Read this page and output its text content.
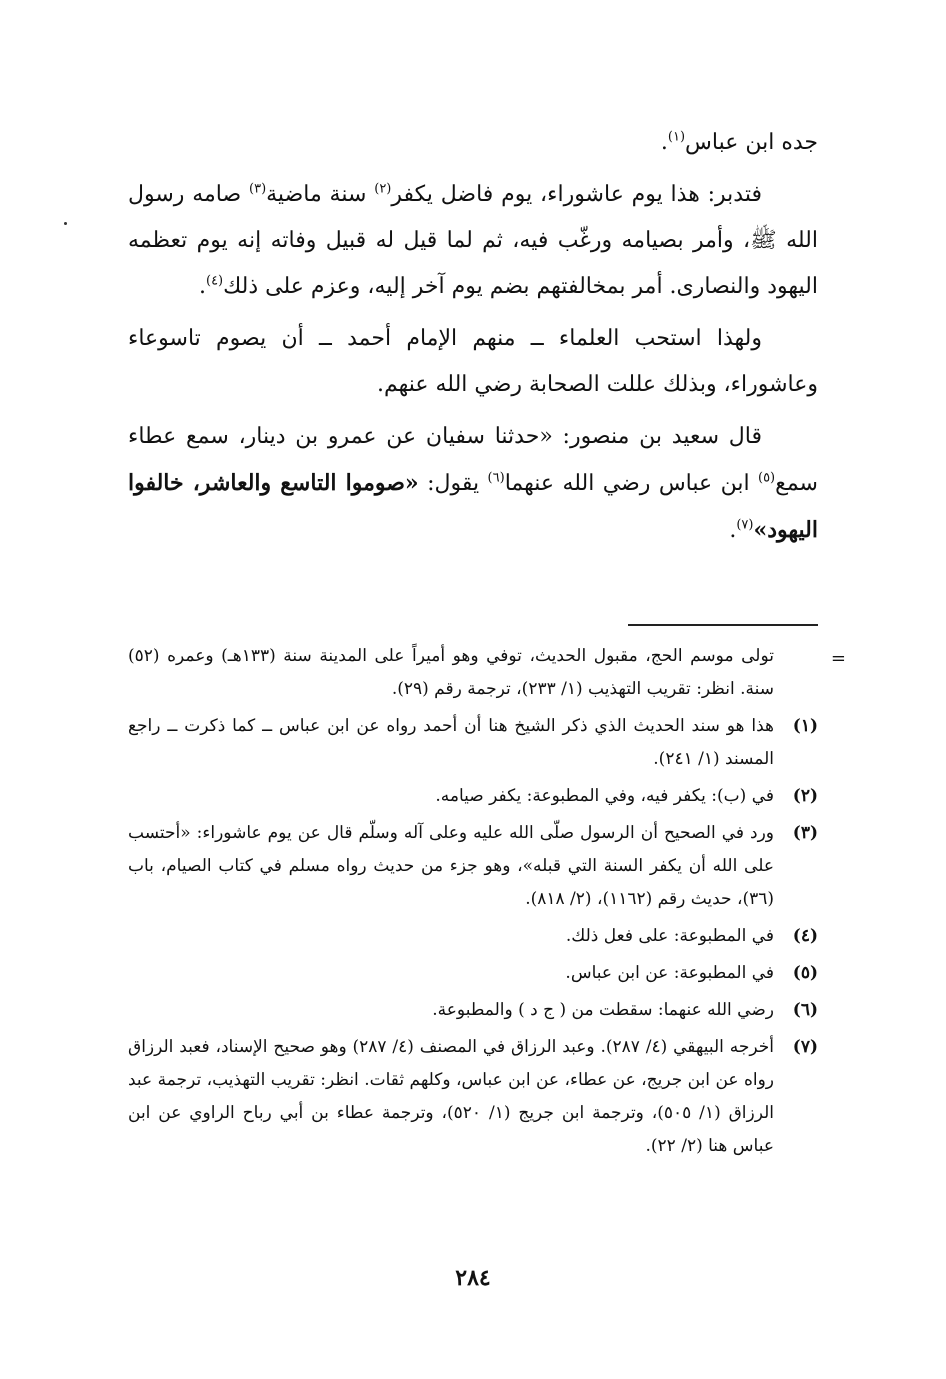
جده ابن عباس$^{(١)}$.

فتدبر: هذا يوم عاشوراء، يوم فاضل يكفر$^{(٢)}$ سنة ماضية$^{(٣)}$ صامه رسول الله ﷺ، وأمر بصيامه ورغّب فيه، ثم لما قيل له قبيل وفاته إنه يوم تعظمه اليهود والنصارى. أمر بمخالفتهم بضم يوم آخر إليه، وعزم على ذلك$^{(٤)}$.

ولهذا استحب العلماء ــ منهم الإمام أحمد ــ أن يصوم تاسوعاء وعاشوراء، وبذلك عللت الصحابة رضي الله عنهم.

قال سعيد بن منصور: «حدثنا سفيان عن عمرو بن دينار، سمع عطاء سمع$^{(٥)}$ ابن عباس رضي الله عنهما$^{(٦)}$ يقول: «صوموا التاسع والعاشر، خالفوا اليهود»$^{(٧)}$.

=
تولى موسم الحج، مقبول الحديث، توفي وهو أميراً على المدينة سنة (١٣٣هـ) وعمره (٥٢) سنة. انظر: تقريب التهذيب (١/ ٢٣٣)، ترجمة رقم (٢٩).
(١)
هذا هو سند الحديث الذي ذكر الشيخ هنا أن أحمد رواه عن ابن عباس ــ كما ذكرت ــ راجع المسند (١/ ٢٤١).
(٢)
في (ب): يكفر فيه، وفي المطبوعة: يكفر صيامه.
(٣)
ورد في الصحيح أن الرسول صلّى الله عليه وعلى آله وسلّم قال عن يوم عاشوراء: «أحتسب على الله أن يكفر السنة التي قبله»، وهو جزء من حديث رواه مسلم في كتاب الصيام، باب (٣٦)، حديث رقم (١١٦٢)، (٢/ ٨١٨).
(٤)
في المطبوعة: على فعل ذلك.
(٥)
في المطبوعة: عن ابن عباس.
(٦)
رضي الله عنهما: سقطت من ( ج د ) والمطبوعة.
(٧)
أخرجه البيهقي (٤/ ٢٨٧). وعبد الرزاق في المصنف (٤/ ٢٨٧) وهو صحيح الإسناد، فعبد الرزاق رواه عن ابن جريج، عن عطاء، عن ابن عباس، وكلهم ثقات. انظر: تقريب التهذيب، ترجمة عبد الرزاق (١/ ٥٠٥)، وترجمة ابن جريج (١/ ٥٢٠)، وترجمة عطاء بن أبي رباح الراوي عن ابن عباس هنا (٢/ ٢٢).
٢٨٤
